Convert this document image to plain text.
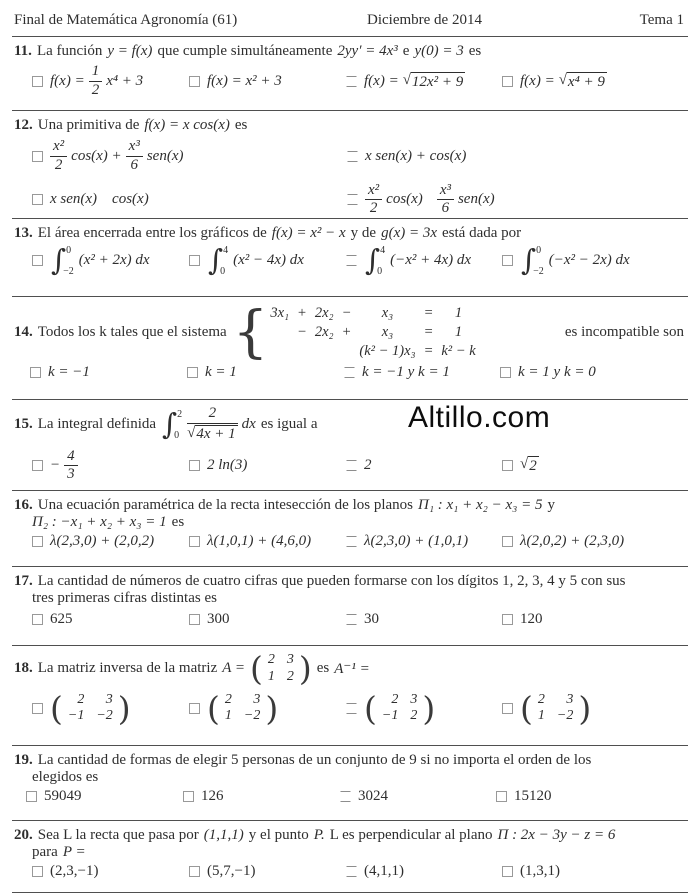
Final de Matemática Agronomía (61)	Diciembre de 2014	Tema 1
11. La función y = f(x) que cumple simultáneamente 2yy′ = 4x³ e y(0) = 3 es
$f(x) = \frac{1}{2} x^4 + 3$	f(x) = x² + 3	f(x) = √ 12x² + 9	f(x) = √ x⁴ + 9
12. Una primitiva de f(x) = x cos(x) es
$\frac{\text{x²}}{2} \cos(x) + \frac{\text{x³}}{6} sen(x)$	x sen(x) + cos(x)
x sen(x)    cos(x)	$\frac{\text{x²}}{2} \cos(x) \frac{\text{x³}}{6} sen(x)$
13. El área encerrada entre los gráficos de f(x) = x² − x y de g(x) = 3x está dada por
∫ 0
−2
(x² + 2x) dx
∫ 4
0
(x² − 4x) dx
∫ 4
0
(−x² + 4x) dx
∫ 0
−2
(−x² − 2x) dx
14. Todos los k tales que el sistema { 3x₁ + 2x₂ −	x₃	=	1
− 2x₂ +	x₃	=	1
(k² − 1)x₃ = k² − k
es incompatible son
k = −1	k = 1	k = −1 y k = 1	k = 1 y k = 0
15. La integral definida
∫ 2
0 2
√ 4x + 1 dx es igual a
− $\frac{4}{3}$	2 ln(3)	2	√ 2
16. Una ecuación paramétrica de la recta intesección de los planos Π₁ : x₁ + x₂ − x₃ = 5 y
Π₂ : −x₁ + x₂ + x₃ = 1 es
λ(2,3,0) + (2,0,2)	λ(1,0,1) + (4,6,0)	λ(2,3,0) + (1,0,1)	λ(2,0,2) + (2,3,0)
17. La cantidad de números de cuatro cifras que pueden formarse con los dígitos 1, 2, 3, 4 y 5 con sus
tres primeras cifras distintas es
625	300	30	120
18. La matriz inversa de la matriz A =
( 2 3
1 2
) es A⁻¹ =
( 2	3
−1 −2
)
( 2	3
1 −2
)
( 2 3
−1 2
)
( 2	3
1 −2
)
19. La cantidad de formas de elegir 5 personas de un conjunto de 9 si no importa el orden de los
elegidos es
59049	126	3024	15120
20. Sea L la recta que pasa por (1,1,1) y el punto P. L es perpendicular al plano Π : 2x − 3y − z = 6
para P =
(2,3,−1)	(5,7,−1)	(4,1,1)	(1,3,1)
Altillo.com
